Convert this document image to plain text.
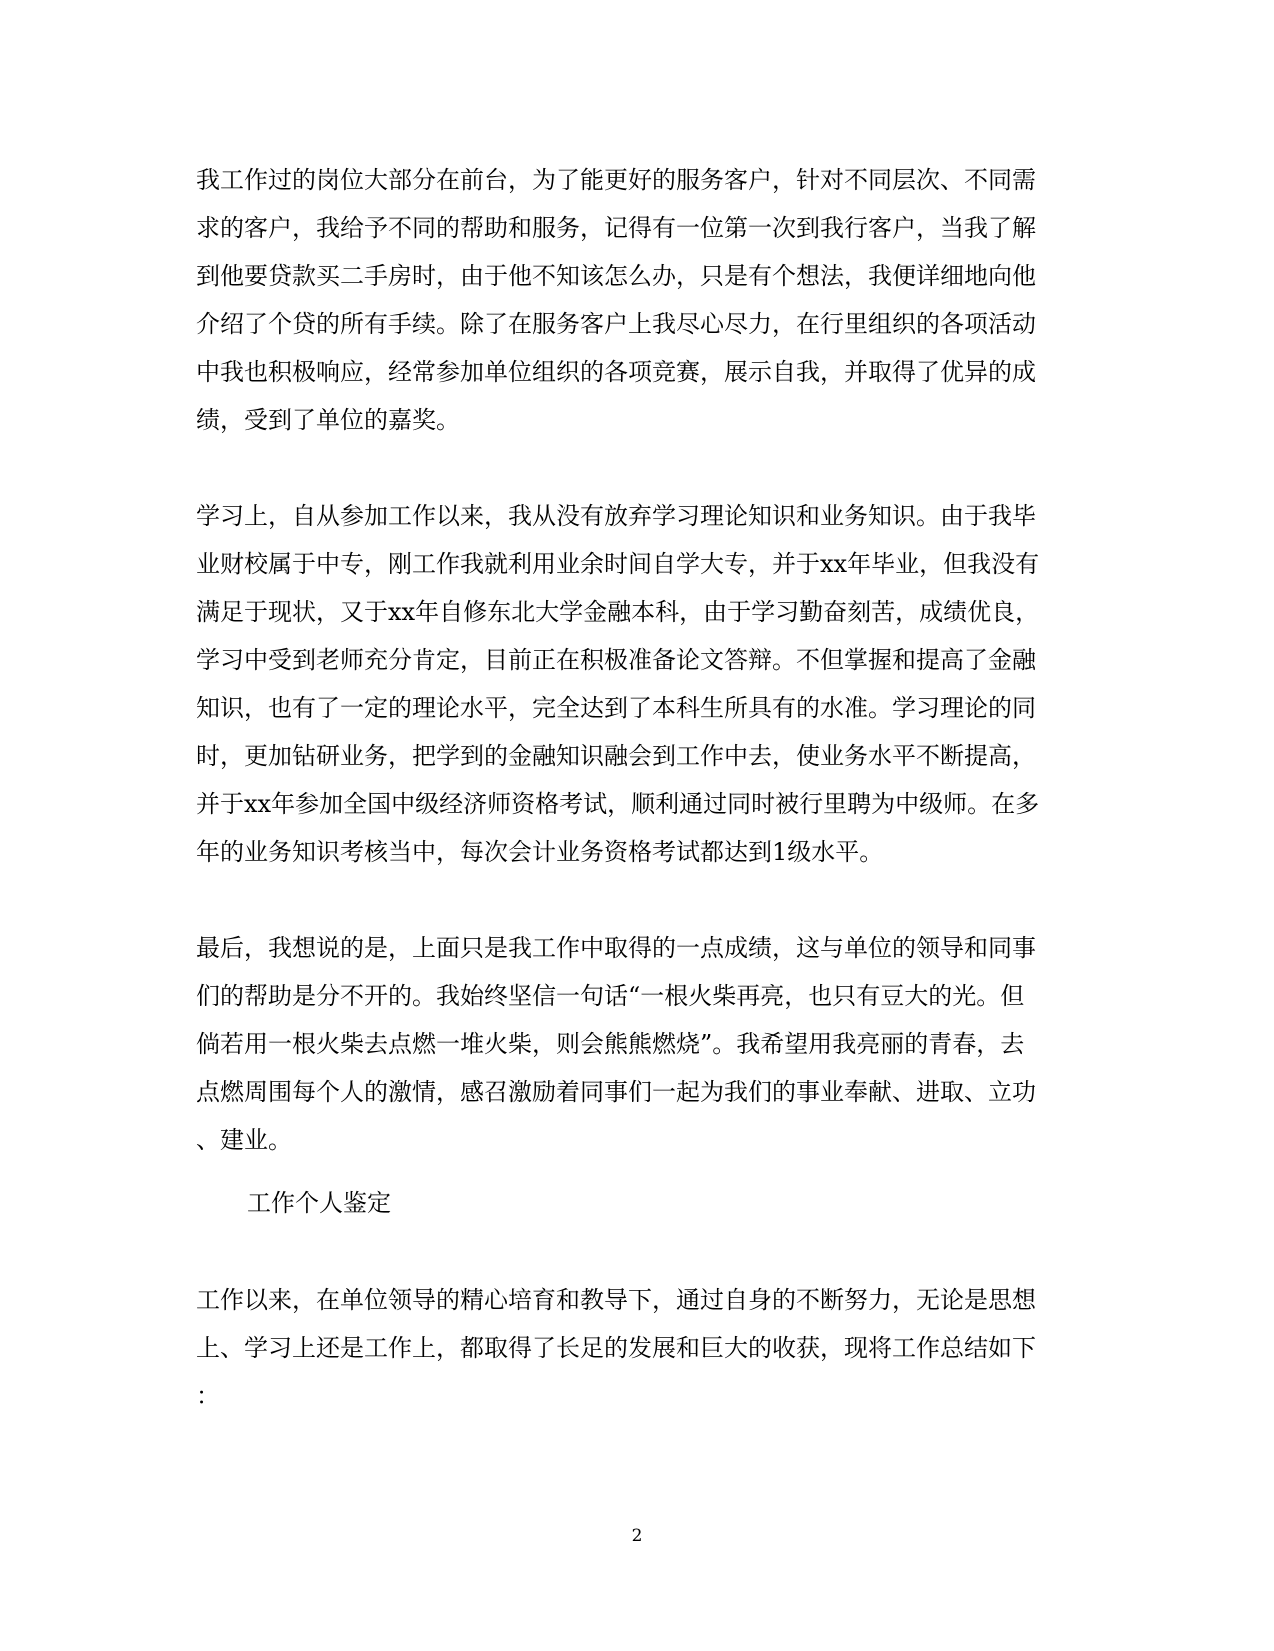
我工作过的岗位大部分在前台，为了能更好的服务客户，针对不同层次、不同需
求的客户，我给予不同的帮助和服务，记得有一位第一次到我行客户，当我了解
到他要贷款买二手房时，由于他不知该怎么办，只是有个想法，我便详细地向他
介绍了个贷的所有手续。除了在服务客户上我尽心尽力，在行里组织的各项活动
中我也积极响应，经常参加单位组织的各项竞赛，展示自我，并取得了优异的成
绩，受到了单位的嘉奖。
学习上，自从参加工作以来，我从没有放弃学习理论知识和业务知识。由于我毕
业财校属于中专，刚工作我就利用业余时间自学大专，并于xx年毕业，但我没有
满足于现状，又于xx年自修东北大学金融本科，由于学习勤奋刻苦，成绩优良，
学习中受到老师充分肯定，目前正在积极准备论文答辩。不但掌握和提高了金融
知识，也有了一定的理论水平，完全达到了本科生所具有的水准。学习理论的同
时，更加钻研业务，把学到的金融知识融会到工作中去，使业务水平不断提高，
并于xx年参加全国中级经济师资格考试，顺利通过同时被行里聘为中级师。在多
年的业务知识考核当中，每次会计业务资格考试都达到1级水平。
最后，我想说的是，上面只是我工作中取得的一点成绩，这与单位的领导和同事
们的帮助是分不开的。我始终坚信一句话“一根火柴再亮，也只有豆大的光。但
倘若用一根火柴去点燃一堆火柴，则会熊熊燃烧”。我希望用我亮丽的青春，去
点燃周围每个人的激情，感召激励着同事们一起为我们的事业奉献、进取、立功
、建业。
工作个人鉴定
工作以来，在单位领导的精心培育和教导下，通过自身的不断努力，无论是思想
上、学习上还是工作上，都取得了长足的发展和巨大的收获，现将工作总结如下
：
2
